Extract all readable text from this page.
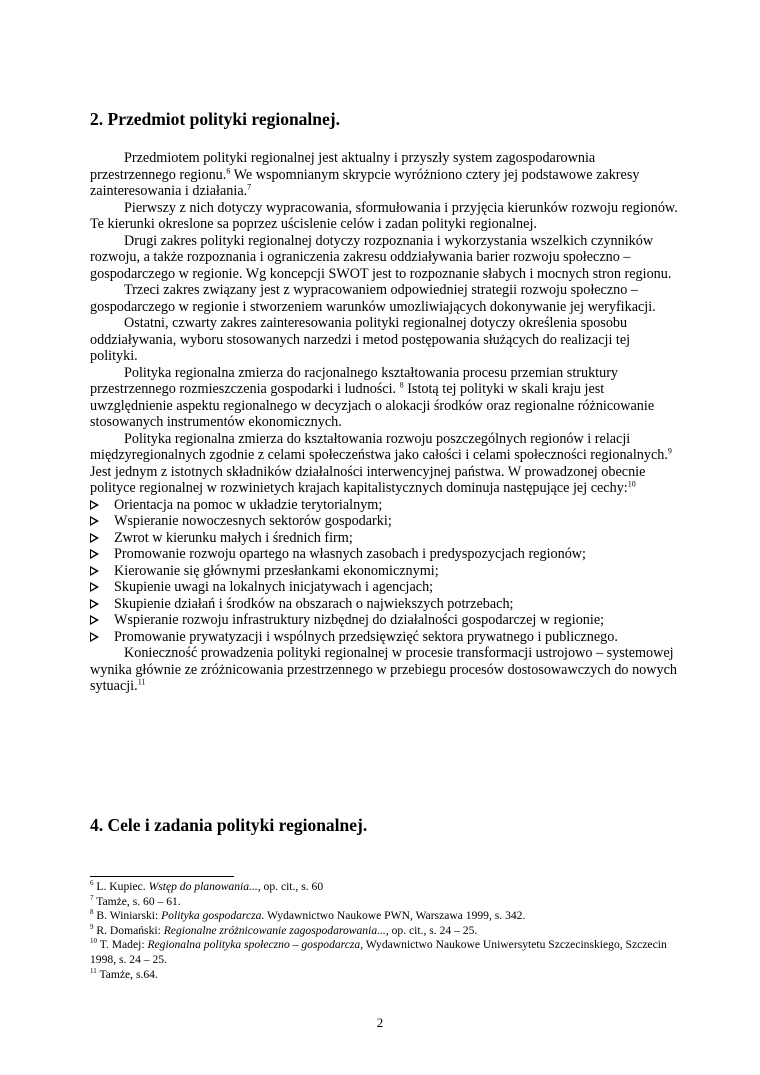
2. Przedmiot polityki regionalnej.

Przedmiotem polityki regionalnej jest aktualny i przyszły system zagospodarownia przestrzennego regionu.$^6$ We wspomnianym skrypcie wyróżniono cztery jej podstawowe zakresy zainteresowania i działania.$^7$

Pierwszy z nich dotyczy wypracowania, sformułowania i przyjęcia kierunków rozwoju regionów. Te kierunki okreslone sa poprzez uścislenie celów i zadan polityki regionalnej.

Drugi zakres polityki regionalnej dotyczy rozpoznania i wykorzystania wszelkich czynników rozwoju, a także rozpoznania i ograniczenia zakresu oddziaływania barier rozwoju społeczno – gospodarczego w regionie. Wg koncepcji SWOT jest to rozpoznanie słabych i mocnych stron regionu.

Trzeci zakres związany jest z wypracowaniem odpowiedniej strategii rozwoju społeczno – gospodarczego w regionie i stworzeniem warunków umozliwiających dokonywanie jej weryfikacji.

Ostatni, czwarty zakres zainteresowania polityki regionalnej dotyczy określenia sposobu oddziaływania, wyboru stosowanych narzedzi i metod postępowania służących do realizacji tej polityki.

Polityka regionalna zmierza do racjonalnego kształtowania procesu przemian struktury przestrzennego rozmieszczenia gospodarki i ludności. $^8$ Istotą tej polityki w skali kraju jest uwzględnienie aspektu regionalnego w decyzjach o alokacji środków oraz regionalne różnicowanie stosowanych instrumentów ekonomicznych.

Polityka regionalna zmierza do kształtowania rozwoju poszczególnych regionów i relacji międzyregionalnych zgodnie z celami społeczeństwa jako całości i celami społeczności regionalnych.$^9$ Jest jednym z istotnych składników działalności interwencyjnej państwa. W prowadzonej obecnie polityce regionalnej w rozwinietych krajach kapitalistycznych dominuja następujące jej cechy:$^{10}$

Orientacja na pomoc w układzie terytorialnym;
Wspieranie nowoczesnych sektorów gospodarki;
Zwrot w kierunku małych i średnich firm;
Promowanie rozwoju opartego na własnych zasobach i predyspozycjach regionów;
Kierowanie się głównymi przesłankami ekonomicznymi;
Skupienie uwagi na lokalnych inicjatywach i agencjach;
Skupienie działań i środków na obszarach o najwiekszych potrzebach;
Wspieranie rozwoju infrastruktury nizbędnej do działalności gospodarczej w regionie;
Promowanie prywatyzacji i wspólnych przedsięwzięć sektora prywatnego i publicznego.

Konieczność prowadzenia polityki regionalnej w procesie transformacji ustrojowo – systemowej wynika głównie ze zróżnicowania przestrzennego w przebiegu procesów dostosowawczych do nowych sytuacji.$^{11}$

4. Cele i zadania polityki regionalnej.

$^6$ L. Kupiec. Wstęp do planowania..., op. cit., s. 60

$^7$ Tamże, s. 60 – 61.

$^8$ B. Winiarski: Polityka gospodarcza. Wydawnictwo Naukowe PWN, Warszawa 1999, s. 342.

$^9$ R. Domański: Regionalne zróżnicowanie zagospodarowania..., op. cit., s. 24 – 25.

$^{10}$ T. Madej: Regionalna polityka społeczno – gospodarcza, Wydawnictwo Naukowe Uniwersytetu Szczecinskiego, Szczecin 1998, s. 24 – 25.

$^{11}$ Tamże, s.64.

2
